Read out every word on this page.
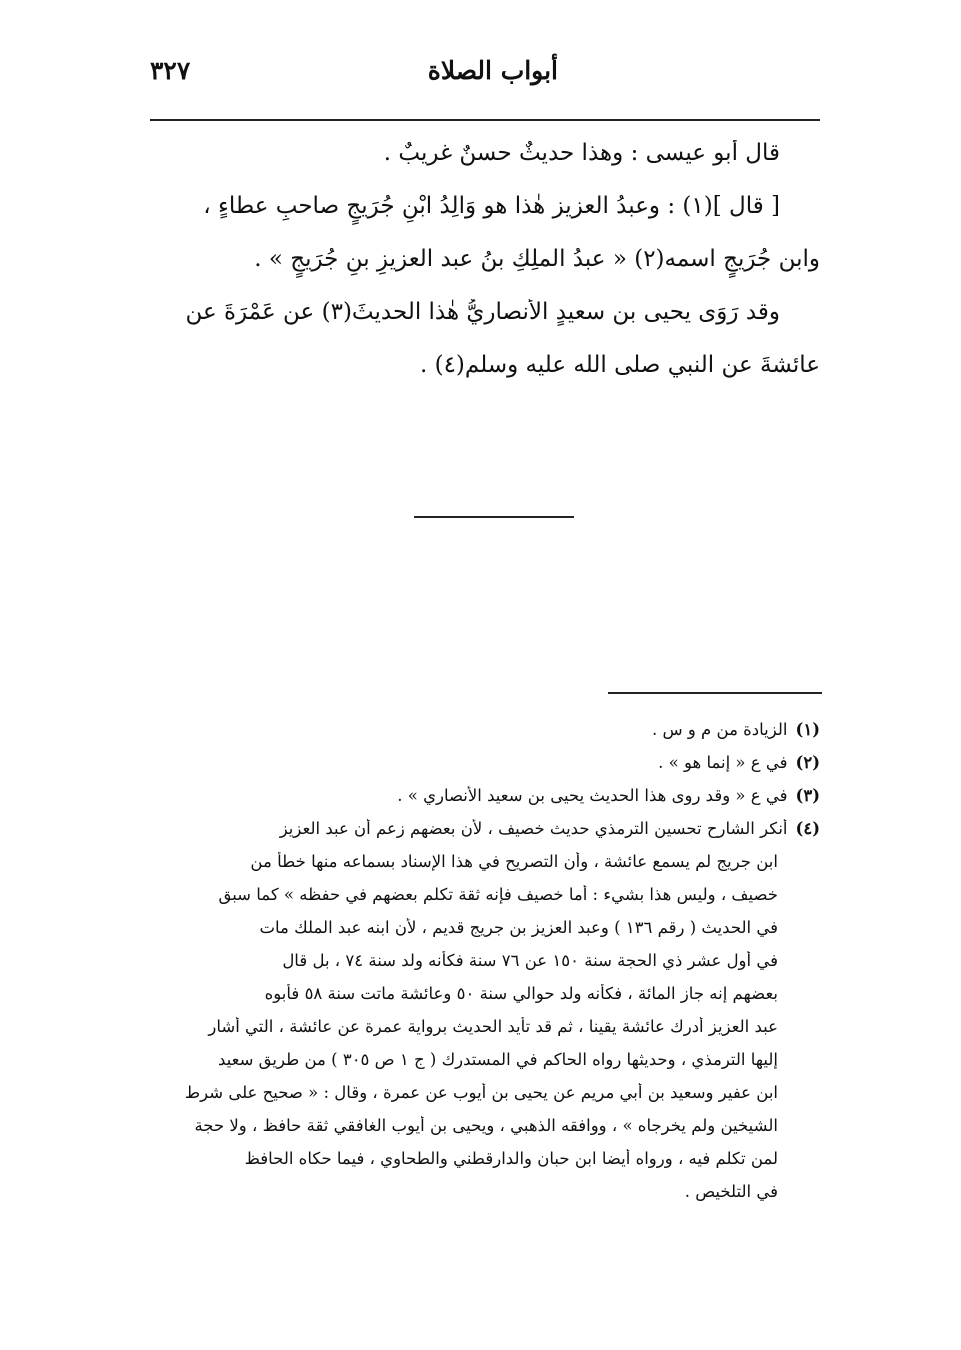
أبواب الصلاة
٣٢٧
قال أبو عيسى : وهذا حديثٌ حسنٌ غريبٌ .
[ قال ](١) : وعبدُ العزيز هٰذا هو وَالِدُ ابْنِ جُرَيجٍ صاحبِ عطاءٍ ،
وابن جُرَيجٍ اسمه(٢) « عبدُ الملِكِ بنُ عبد العزيزِ بنِ جُرَيجٍ » .
وقد رَوَى يحيى بن سعيدٍ الأنصاريُّ هٰذا الحديثَ(٣) عن عَمْرَةَ عن
عائشةَ عن النبي صلى الله عليه وسلم(٤) .
(١)الزيادة من م و س .
(٢)في ع « إنما هو » .
(٣)في ع « وقد روى هذا الحديث يحيى بن سعيد الأنصاري » .
(٤)أنكر الشارح تحسين الترمذي حديث خصيف ، لأن بعضهم زعم أن عبد العزيز
ابن جريج لم يسمع عائشة ، وأن التصريح في هذا الإسناد بسماعه منها خطأ من
خصيف ، وليس هذا بشيء : أما خصيف فإنه ثقة تكلم بعضهم في حفظه » كما سبق
في الحديث ( رقم ١٣٦ ) وعبد العزيز بن جريج قديم ، لأن ابنه عبد الملك مات
في أول عشر ذي الحجة سنة ١٥٠ عن ٧٦ سنة فكأنه ولد سنة ٧٤ ، بل قال
بعضهم إنه جاز المائة ، فكأنه ولد حوالي سنة ٥٠ وعائشة ماتت سنة ٥٨ فأبوه
عبد العزيز أدرك عائشة يقينا ، ثم قد تأيد الحديث برواية عمرة عن عائشة ، التي أشار
إليها الترمذي ، وحديثها رواه الحاكم في المستدرك ( ج ١ ص ٣٠٥ ) من طريق سعيد
ابن عفير وسعيد بن أبي مريم عن يحيى بن أيوب عن عمرة ، وقال : « صحيح على شرط
الشيخين ولم يخرجاه » ، ووافقه الذهبي ، ويحيى بن أيوب الغافقي ثقة حافظ ، ولا حجة
لمن تكلم فيه ، ورواه أيضا ابن حبان والدارقطني والطحاوي ، فيما حكاه الحافظ
في التلخيص .
